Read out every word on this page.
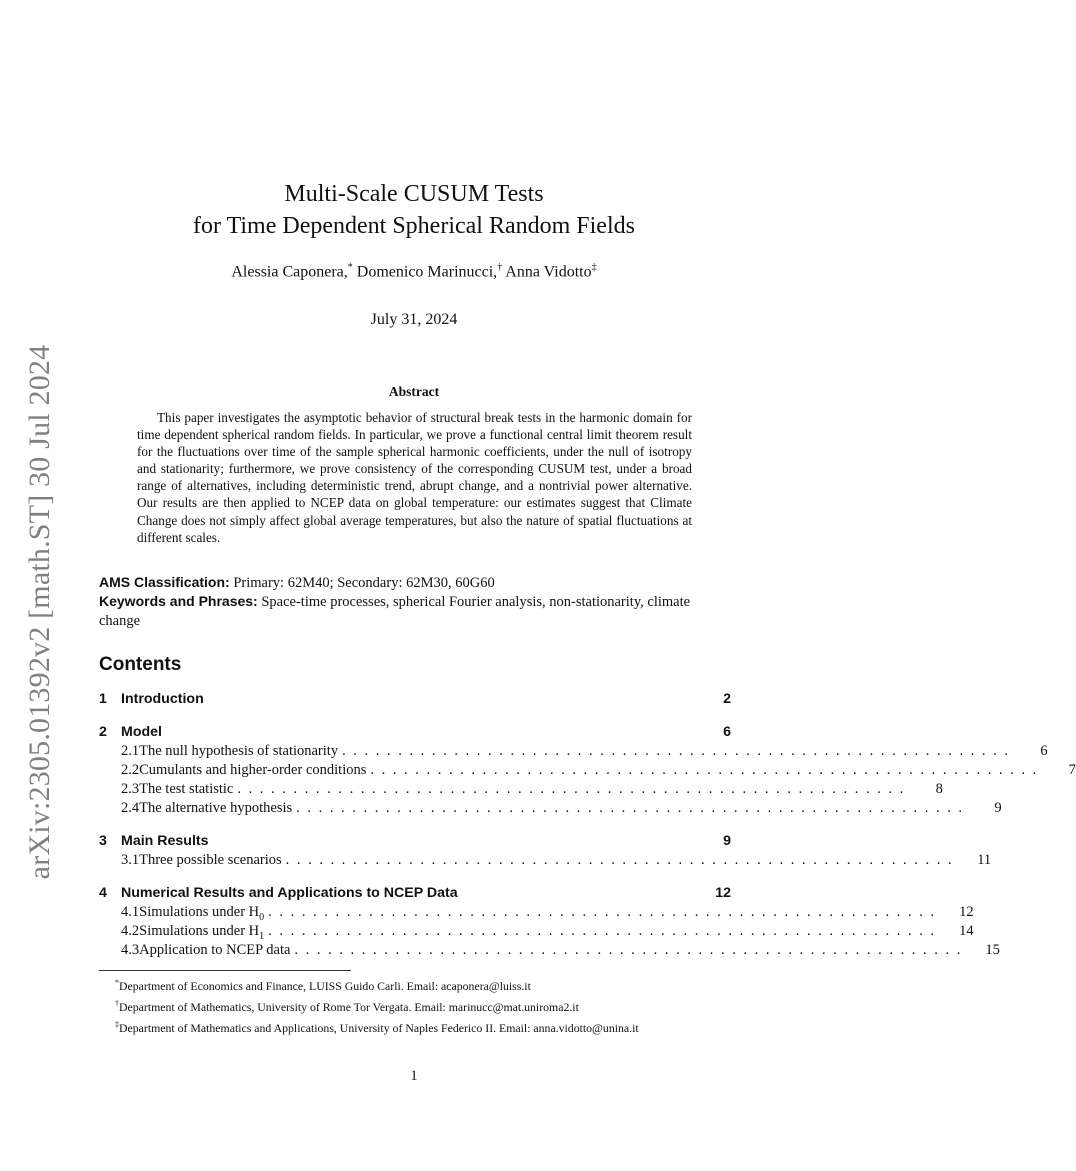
arXiv:2305.01392v2 [math.ST] 30 Jul 2024
Multi-Scale CUSUM Tests
for Time Dependent Spherical Random Fields
Alessia Caponera,* Domenico Marinucci,† Anna Vidotto‡
July 31, 2024
Abstract
This paper investigates the asymptotic behavior of structural break tests in the harmonic domain for time dependent spherical random fields. In particular, we prove a functional central limit theorem result for the fluctuations over time of the sample spherical harmonic coefficients, under the null of isotropy and stationarity; furthermore, we prove consistency of the corresponding CUSUM test, under a broad range of alternatives, including deterministic trend, abrupt change, and a nontrivial power alternative. Our results are then applied to NCEP data on global temperature: our estimates suggest that Climate Change does not simply affect global average temperatures, but also the nature of spatial fluctuations at different scales.
AMS Classification: Primary: 62M40; Secondary: 62M30, 60G60
Keywords and Phrases: Space-time processes, spherical Fourier analysis, non-stationarity, climate change
Contents
1 Introduction	2
2 Model	6
2.1 The null hypothesis of stationarity ............................................................	6
2.2 Cumulants and higher-order conditions ............................................................	7
2.3 The test statistic ............................................................	8
2.4 The alternative hypothesis ............................................................	9
3 Main Results	9
3.1 Three possible scenarios ............................................................	11
4 Numerical Results and Applications to NCEP Data	12
4.1 Simulations under $H_0$ ............................................................	12
4.2 Simulations under $H_1$ ............................................................	14
4.3 Application to NCEP data ............................................................	15
*Department of Economics and Finance, LUISS Guido Carli. Email: acaponera@luiss.it
†Department of Mathematics, University of Rome Tor Vergata. Email: marinucc@mat.uniroma2.it
‡Department of Mathematics and Applications, University of Naples Federico II. Email: anna.vidotto@unina.it
1
